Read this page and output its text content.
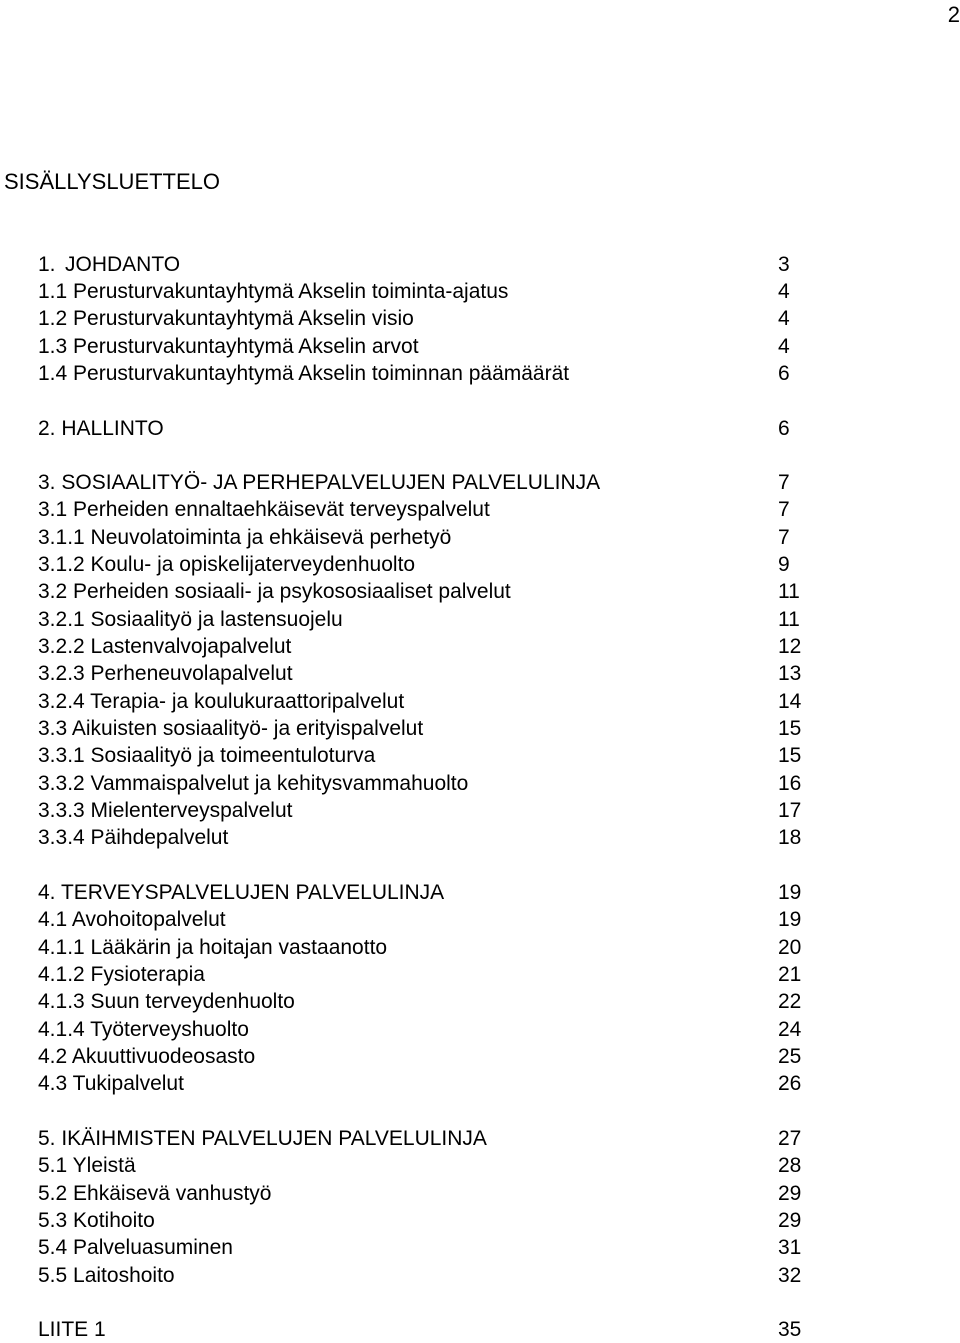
2
SISÄLLYSLUETTELO
1. JOHDANTO	3
1.1 Perusturvakuntayhtymä Akselin toiminta-ajatus	4
1.2 Perusturvakuntayhtymä Akselin visio	4
1.3 Perusturvakuntayhtymä Akselin arvot	4
1.4 Perusturvakuntayhtymä Akselin toiminnan päämäärät	6
2. HALLINTO	6
3. SOSIAALITYÖ- JA PERHEPALVELUJEN PALVELULINJA	7
3.1 Perheiden ennaltaehkäisevät terveyspalvelut	7
3.1.1 Neuvolatoiminta ja ehkäisevä perhetyö	7
3.1.2 Koulu- ja opiskelijaterveydenhuolto	9
3.2 Perheiden sosiaali- ja psykososiaaliset palvelut	11
3.2.1 Sosiaalityö ja lastensuojelu	11
3.2.2 Lastenvalvojapalvelut	12
3.2.3 Perheneuvolapalvelut	13
3.2.4 Terapia- ja koulukuraattoripalvelut	14
3.3 Aikuisten sosiaalityö- ja erityispalvelut	15
3.3.1 Sosiaalityö ja toimeentuloturva	15
3.3.2 Vammaispalvelut ja kehitysvammahuolto	16
3.3.3 Mielenterveyspalvelut	17
3.3.4 Päihdepalvelut	18
4. TERVEYSPALVELUJEN PALVELULINJA	19
4.1 Avohoitopalvelut	19
4.1.1 Lääkärin ja hoitajan vastaanotto	20
4.1.2 Fysioterapia	21
4.1.3 Suun terveydenhuolto	22
4.1.4 Työterveyshuolto	24
4.2 Akuuttivuodeosasto	25
4.3 Tukipalvelut	26
5. IKÄIHMISTEN PALVELUJEN PALVELULINJA	27
5.1 Yleistä	28
5.2 Ehkäisevä vanhustyö	29
5.3 Kotihoito	29
5.4 Palveluasuminen	31
5.5 Laitoshoito	32
LIITE 1	35
